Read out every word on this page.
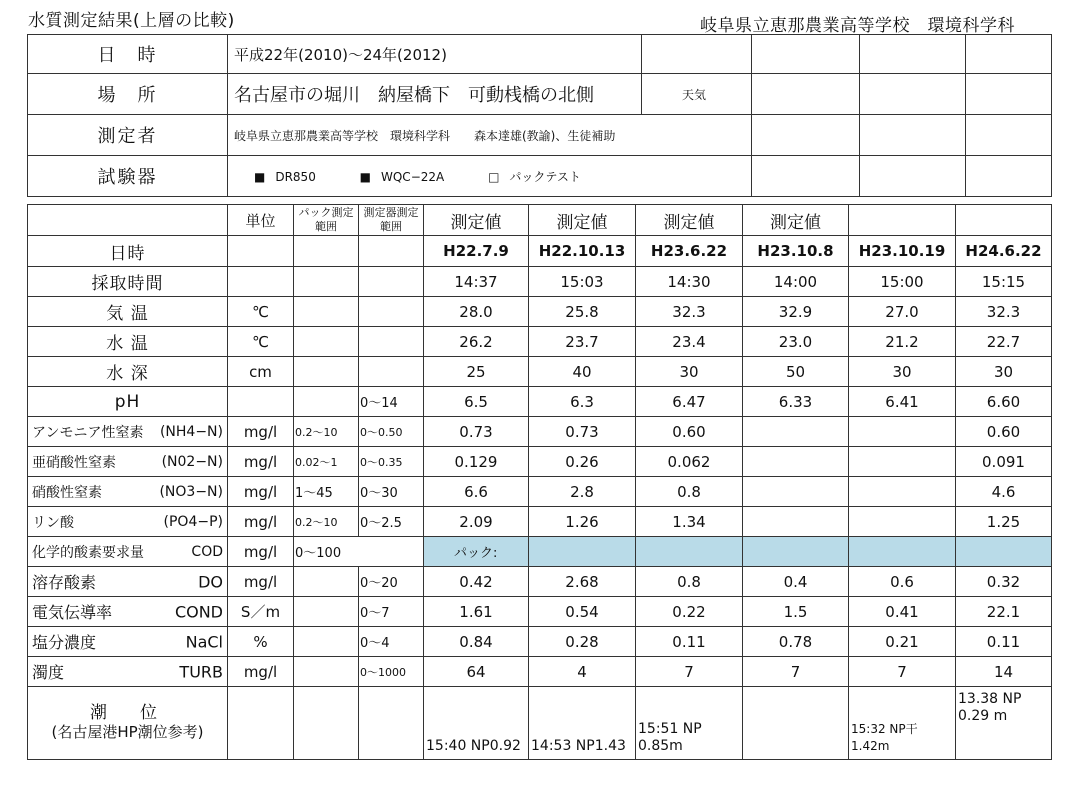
水質測定結果(上層の比較)	岐阜県立恵那農業高等学校　環境科学科
日　時	平成22年(2010)〜24年(2012)				
場　所	名古屋市の堀川　納屋橋下　可動桟橋の北側	天気			
測定者	岐阜県立恵那農業高等学校　環境科学科　　森本達雄(教諭)、生徒補助				
試験器	■ DR850 ■ WQC−22A □ パックテスト				
	単位	パック測定範囲	測定器測定範囲	測定値	測定値	測定値	測定値		
日時				H22.7.9	H22.10.13	H23.6.22	H23.10.8	H23.10.19	H24.6.22
採取時間				14:37	15:03	14:30	14:00	15:00	15:15
気 温	℃			28.0	25.8	32.3	32.9	27.0	32.3
水 温	℃			26.2	23.7	23.4	23.0	21.2	22.7
水 深	cm			25	40	30	50	30	30
pH			0〜14	6.5	6.3	6.47	6.33	6.41	6.60
アンモニア性窒素 (NH4−N)	mg/l	0.2〜10	0〜0.50	0.73	0.73	0.60			0.60
亜硝酸性窒素 (N02−N)	mg/l	0.02〜1	0〜0.35	0.129	0.26	0.062			0.091
硝酸性窒素 (NO3−N)	mg/l	1〜45	0〜30	6.6	2.8	0.8			4.6
リン酸 (PO4−P)	mg/l	0.2〜10	0〜2.5	2.09	1.26	1.34			1.25
化学的酸素要求量 COD	mg/l	0〜100		パック:					
溶存酸素 DO	mg/l		0〜20	0.42	2.68	0.8	0.4	0.6	0.32
電気伝導率 COND	S／m		0〜7	1.61	0.54	0.22	1.5	0.41	22.1
塩分濃度 NaCl	%		0〜4	0.84	0.28	0.11	0.78	0.21	0.11
濁度 TURB	mg/l		0〜1000	64	4	7	7	7	14
潮　位
(名古屋港HP潮位参考)				15:40 NP0.92	14:53 NP1.43	15:51 NP　0.85m		15:32 NP干1.42m	13.38 NP 0.29 m
